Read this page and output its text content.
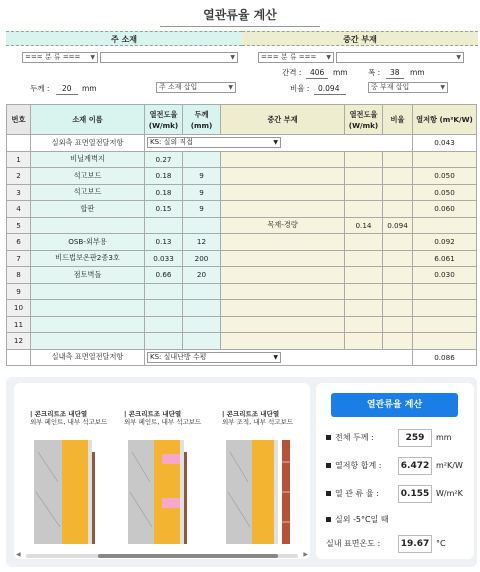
열관류율 계산
주 소재	중간 부재
=== 분 류 === ▼	▼	=== 분 류 === ▼	▼
간격 : 406 mm	폭 : 38 mm
두께 : 20 mm	주 소재 삽입	▼	비율 : 0.094	중 부재 삽입	▼
번호	소재 이름	열전도율 (W/mk)	두께 (mm)	중간 부재	열전도율 (W/mk)	비율	열저항 (m²K/W)
	실외측 표면열전달저항	KS: 실외 직접 ▼					0.043
1	비닐계벽지	0.27					
2	석고보드	0.18	9				0.050
3	석고보드	0.18	9				0.050
4	합판	0.15	9				0.060
5				목재-경량	0.14	0.094	
6	OSB-외부용	0.13	12				0.092
7	비드법보온판2종3호	0.033	200				6.061
8	점토벽돌	0.66	20				0.030
9							
10							
11							
12							
	실내측 표면열전달저항	KS: 실내난방 수평 ▼					0.086
| 콘크리트조 내단열
외부 페인트, 내부 석고보드
| 콘크리트조 내단열
외부 페인트, 내부 석고보드
| 콘크리트조 내단열
외부 조적, 내부 석고보드
◀	▶
열관류율 계산
전체 두께 :	259	mm
열저항 합계 :	6.472 m²K/W
열 관 류 율 :	0.155 W/m²K
실외 -5°C일 때
실내 표면온도 :	19.67 °C
